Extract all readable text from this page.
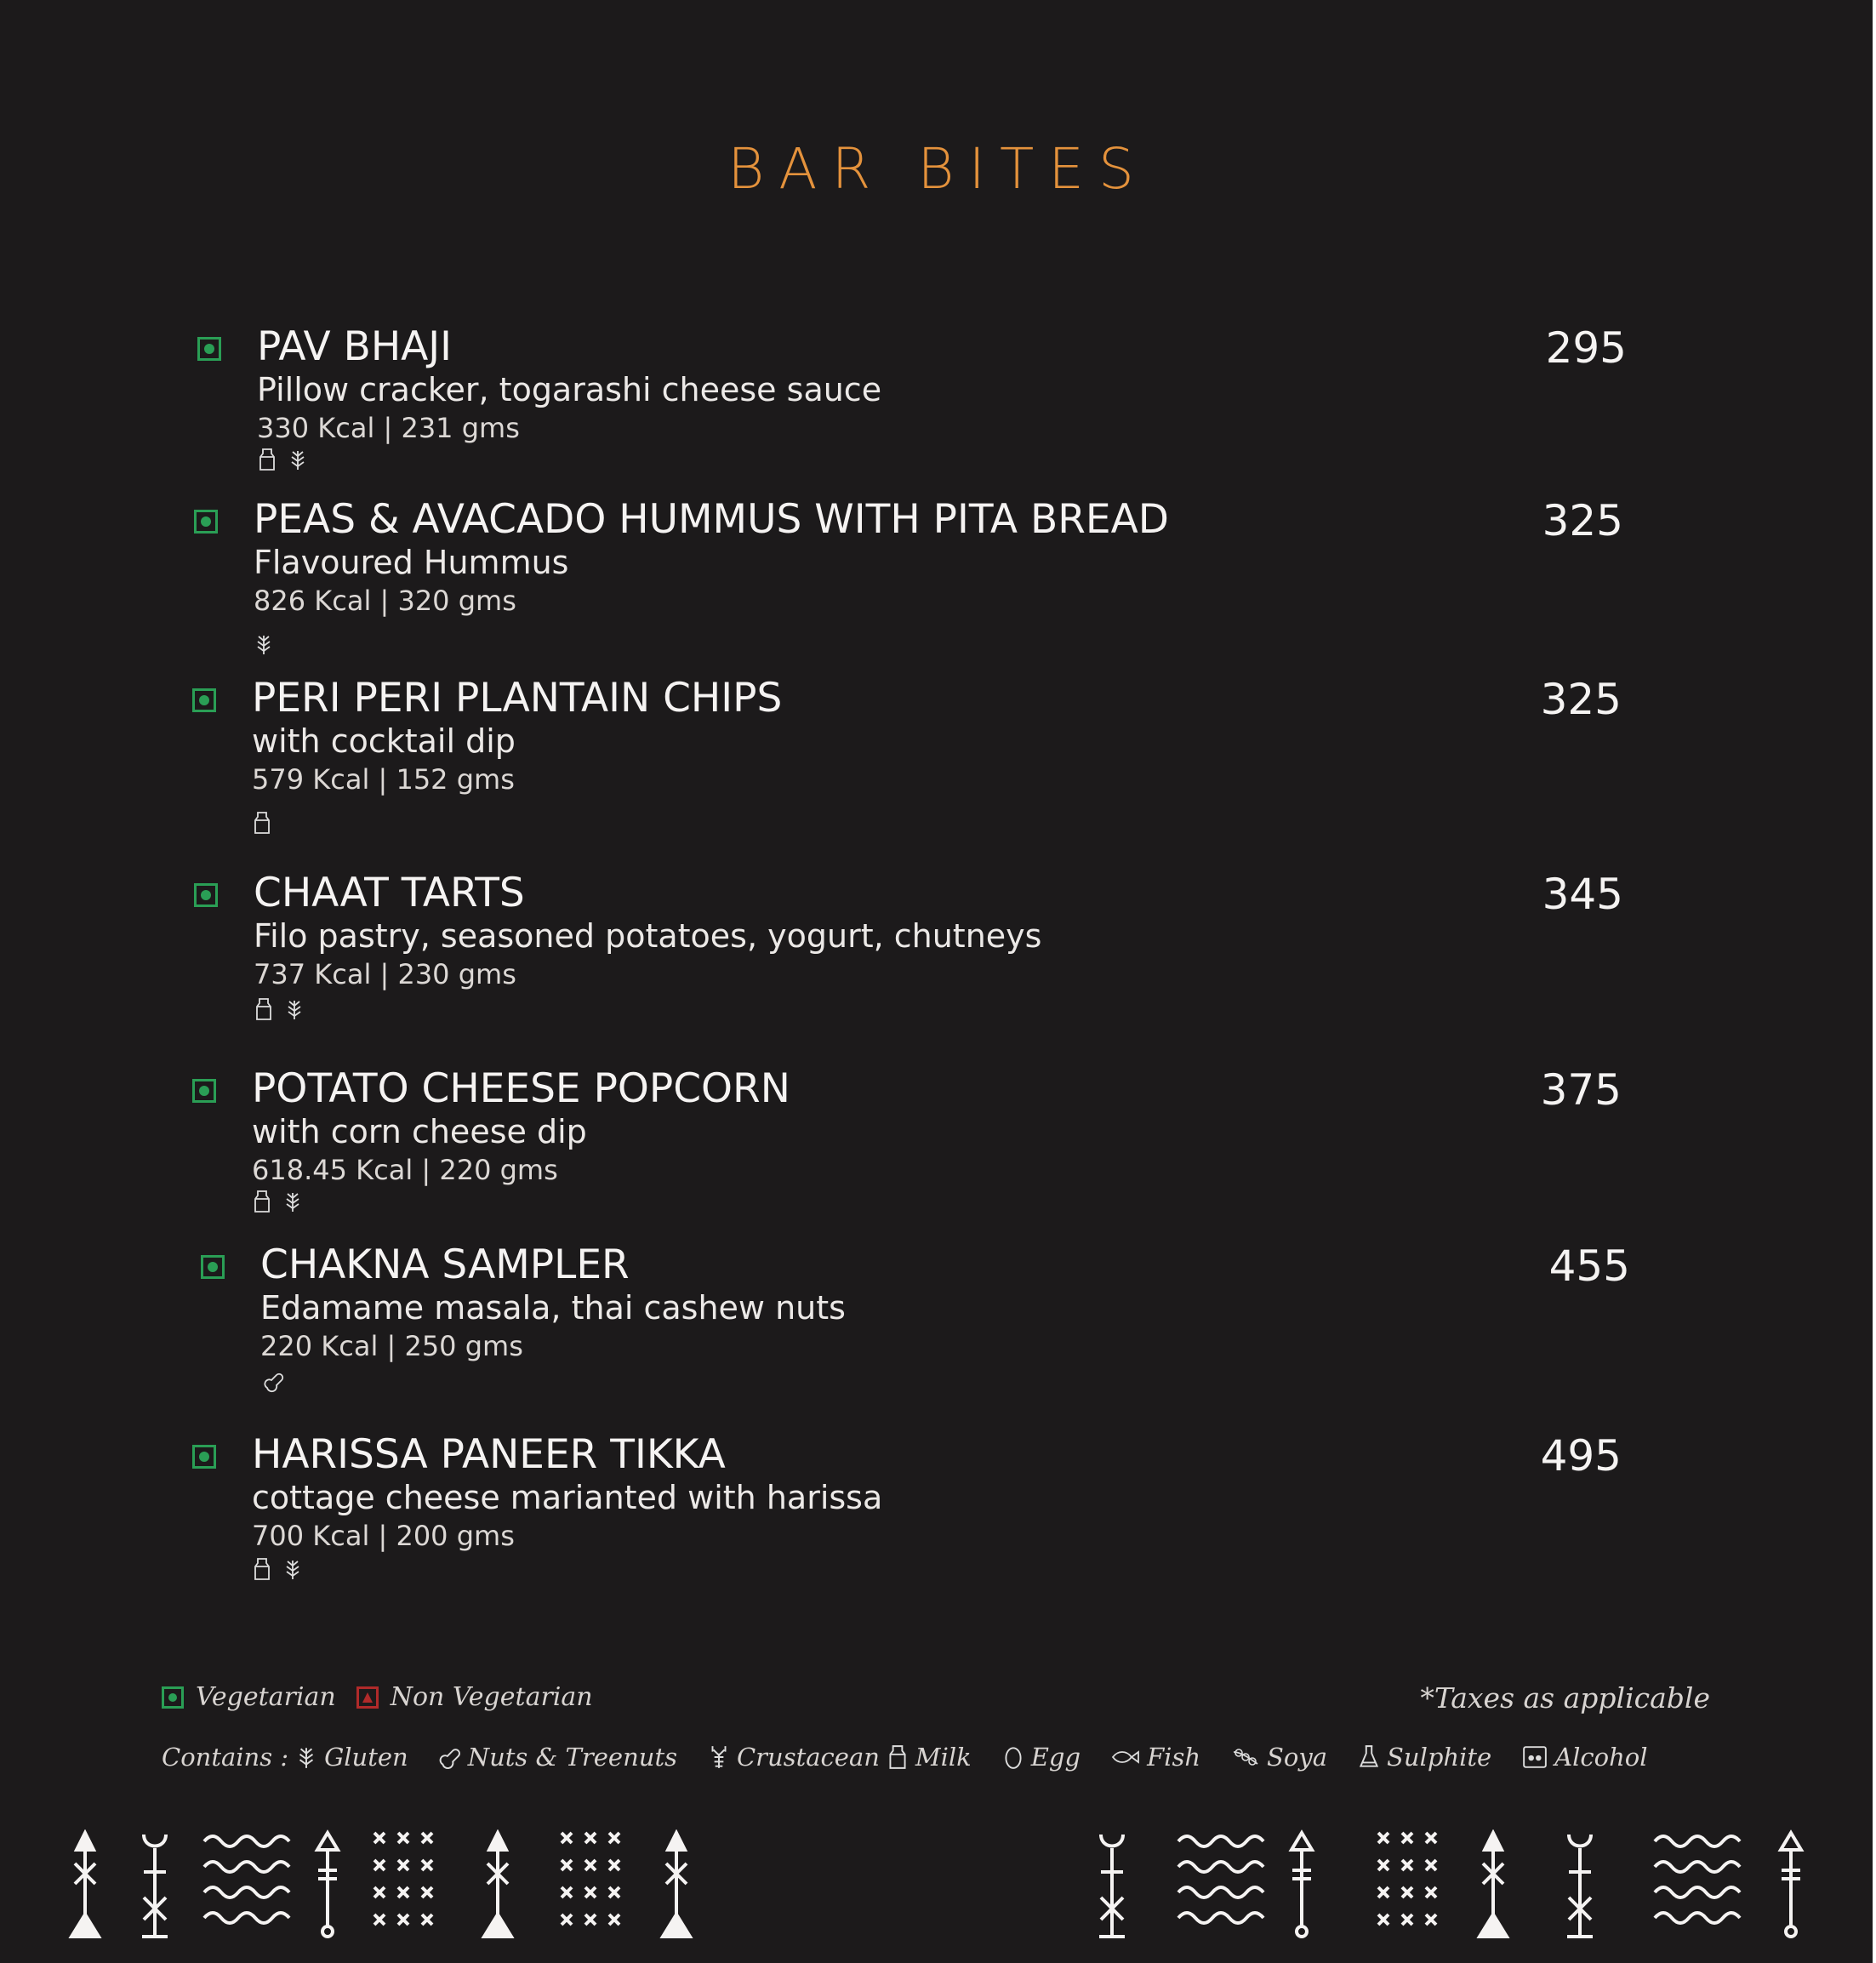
BAR BITES
PAV BHAJI
Pillow cracker, togarashi cheese sauce
330 Kcal | 231 gms
295
PEAS & AVACADO HUMMUS WITH PITA BREAD
Flavoured Hummus
826 Kcal | 320 gms
325
PERI PERI PLANTAIN CHIPS
with cocktail dip
579 Kcal | 152 gms
325
CHAAT TARTS
Filo pastry, seasoned potatoes, yogurt, chutneys
737 Kcal | 230 gms
345
POTATO CHEESE POPCORN
with corn cheese dip
618.45 Kcal | 220 gms
375
CHAKNA SAMPLER
Edamame masala, thai cashew nuts
220 Kcal | 250 gms
455
HARISSA PANEER TIKKA
cottage cheese marianted with harissa
700 Kcal | 200 gms
495
Vegetarian Non Vegetarian	*Taxes as applicable
Contains : Gluten Nuts & Treenuts Crustacean Milk Egg	Fish	Soya Sulphite	Alcohol
